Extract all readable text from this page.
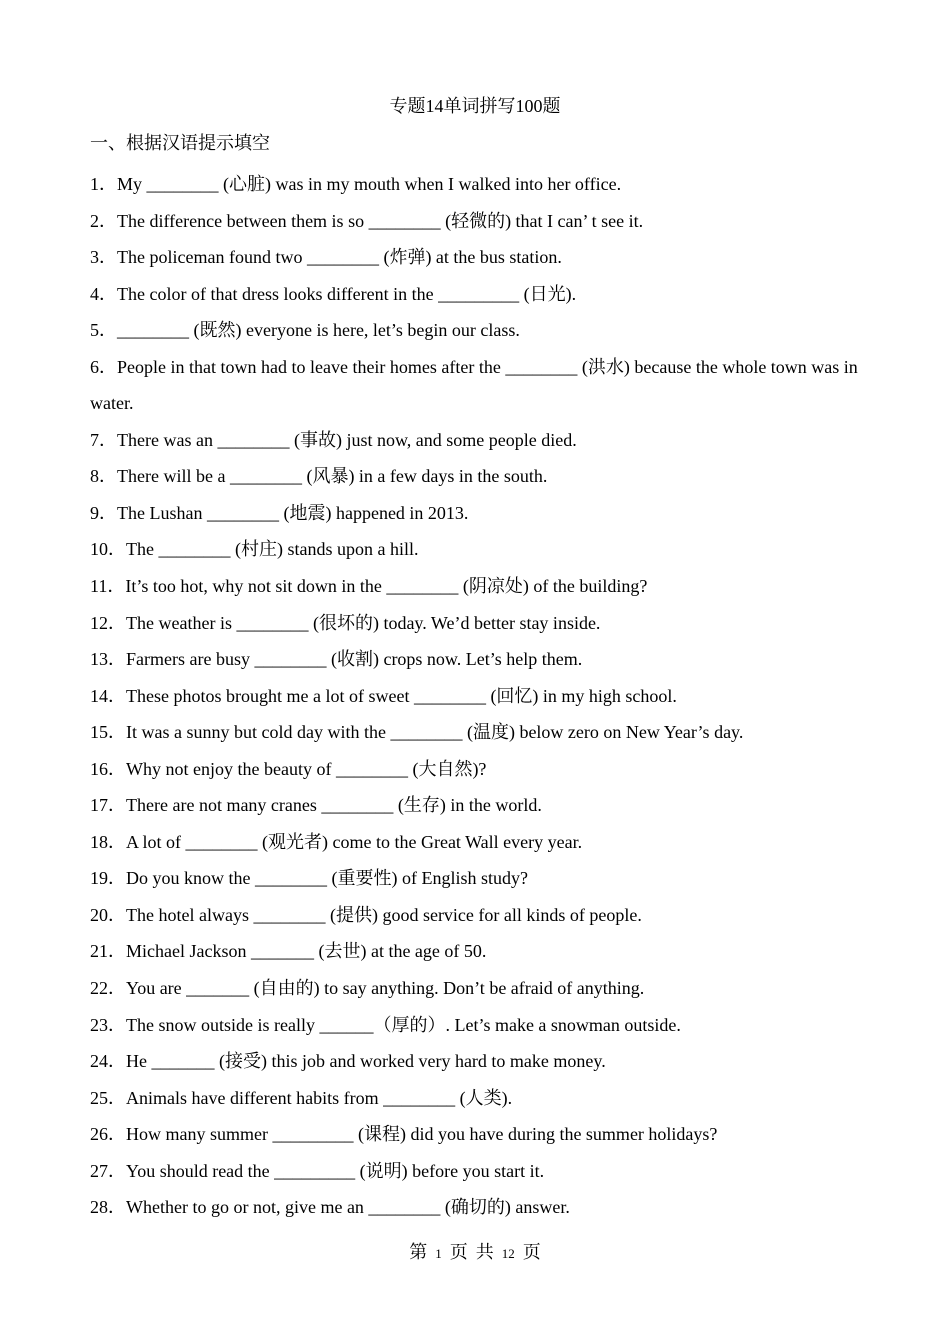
专题14单词拼写100题
一、根据汉语提示填空
1．My ________ (心脏) was in my mouth when I walked into her office.
2．The difference between them is so ________ (轻微的) that I can’ t see it.
3．The policeman found two ________ (炸弹) at the bus station.
4．The color of that dress looks different in the _________ (日光).
5．________ (既然) everyone is here, let’s begin our class.
6．People in that town had to leave their homes after the ________ (洪水) because the whole town was in water.
7．There was an ________ (事故) just now, and some people died.
8．There will be a ________ (风暴) in a few days in the south.
9．The Lushan ________ (地震) happened in 2013.
10．The ________ (村庄) stands upon a hill.
11．It’s too hot, why not sit down in the ________ (阴凉处) of the building?
12．The weather is ________ (很坏的) today. We’d better stay inside.
13．Farmers are busy ________ (收割) crops now. Let’s help them.
14．These photos brought me a lot of sweet ________ (回忆) in my high school.
15．It was a sunny but cold day with the ________ (温度) below zero on New Year’s day.
16．Why not enjoy the beauty of ________ (大自然)?
17．There are not many cranes ________ (生存) in the world.
18．A lot of ________ (观光者) come to the Great Wall every year.
19．Do you know the ________ (重要性) of English study?
20．The hotel always ________ (提供) good service for all kinds of people.
21．Michael Jackson _______ (去世) at the age of 50.
22．You are _______ (自由的) to say anything. Don’t be afraid of anything.
23．The snow outside is really ______（厚的）. Let’s make a snowman outside.
24．He _______ (接受) this job and worked very hard to make money.
25．Animals have different habits from ________ (人类).
26．How many summer _________ (课程) did you have during the summer holidays?
27．You should read the _________ (说明) before you start it.
28．Whether to go or not, give me an ________ (确切的) answer.
第 1 页 共 12 页
